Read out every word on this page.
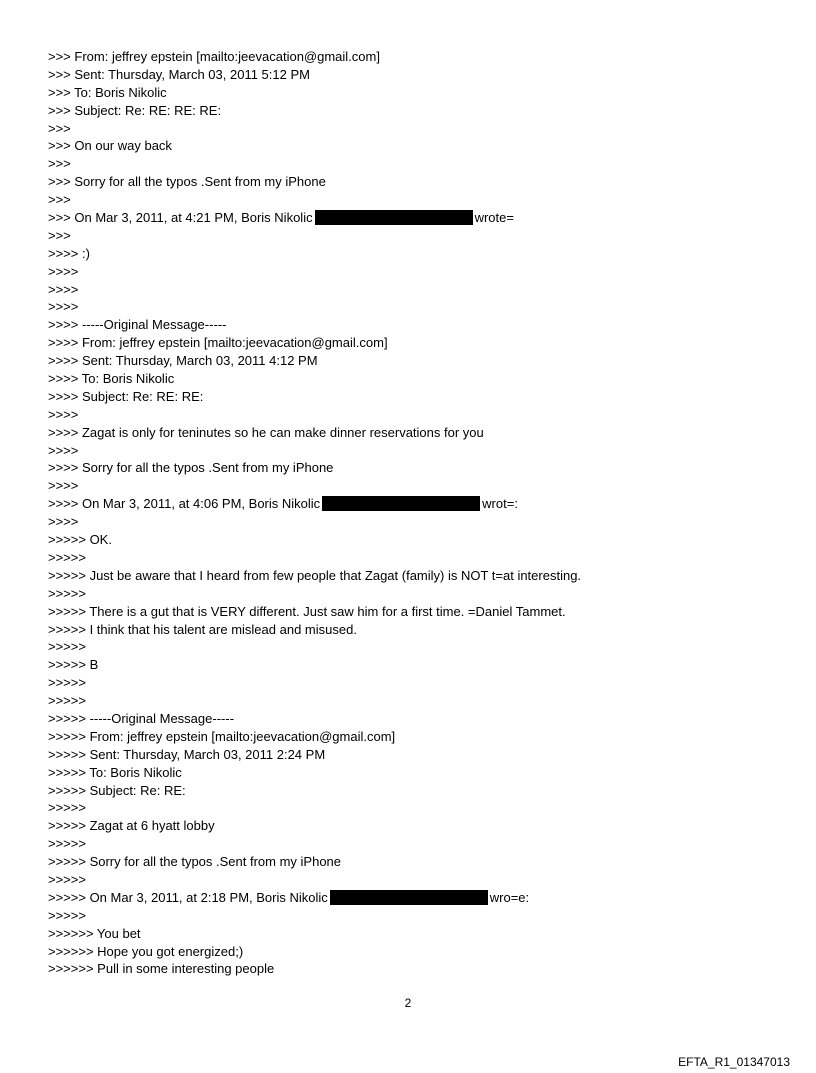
>>> From: jeffrey epstein [mailto:jeevacation@gmail.com]
>>> Sent: Thursday, March 03, 2011 5:12 PM
>>> To: Boris Nikolic
>>> Subject: Re: RE: RE: RE:
>>>
>>> On our way back
>>>
>>> Sorry for all the typos .Sent from my iPhone
>>>
>>> On Mar 3, 2011, at 4:21 PM, Boris Nikolic	wrote=
>>>
>>>> :)
>>>>
>>>>
>>>>
>>>> -----Original Message-----
>>>> From: jeffrey epstein [mailto:jeevacation@gmail.com]
>>>> Sent: Thursday, March 03, 2011 4:12 PM
>>>> To: Boris Nikolic
>>>> Subject: Re: RE: RE:
>>>>
>>>> Zagat is only for teninutes so he can make dinner reservations for you
>>>>
>>>> Sorry for all the typos .Sent from my iPhone
>>>>
>>>> On Mar 3, 2011, at 4:06 PM, Boris Nikolic	wrot=:
>>>>
>>>>> OK.
>>>>>
>>>>> Just be aware that I heard from few people that Zagat (family) is NOT t=at interesting.
>>>>>
>>>>> There is a gut that is VERY different. Just saw him for a first time. =Daniel Tammet.
>>>>> I think that his talent are mislead and misused.
>>>>>
>>>>> B
>>>>>
>>>>>
>>>>> -----Original Message-----
>>>>> From: jeffrey epstein [mailto:jeevacation@gmail.com]
>>>>> Sent: Thursday, March 03, 2011 2:24 PM
>>>>> To: Boris Nikolic
>>>>> Subject: Re: RE:
>>>>>
>>>>> Zagat at 6 hyatt lobby
>>>>>
>>>>> Sorry for all the typos .Sent from my iPhone
>>>>>
>>>>> On Mar 3, 2011, at 2:18 PM, Boris Nikolic	wro=e:
>>>>>
>>>>>> You bet
>>>>>> Hope you got energized;)
>>>>>> Pull in some interesting people
2
EFTA_R1_01347013
